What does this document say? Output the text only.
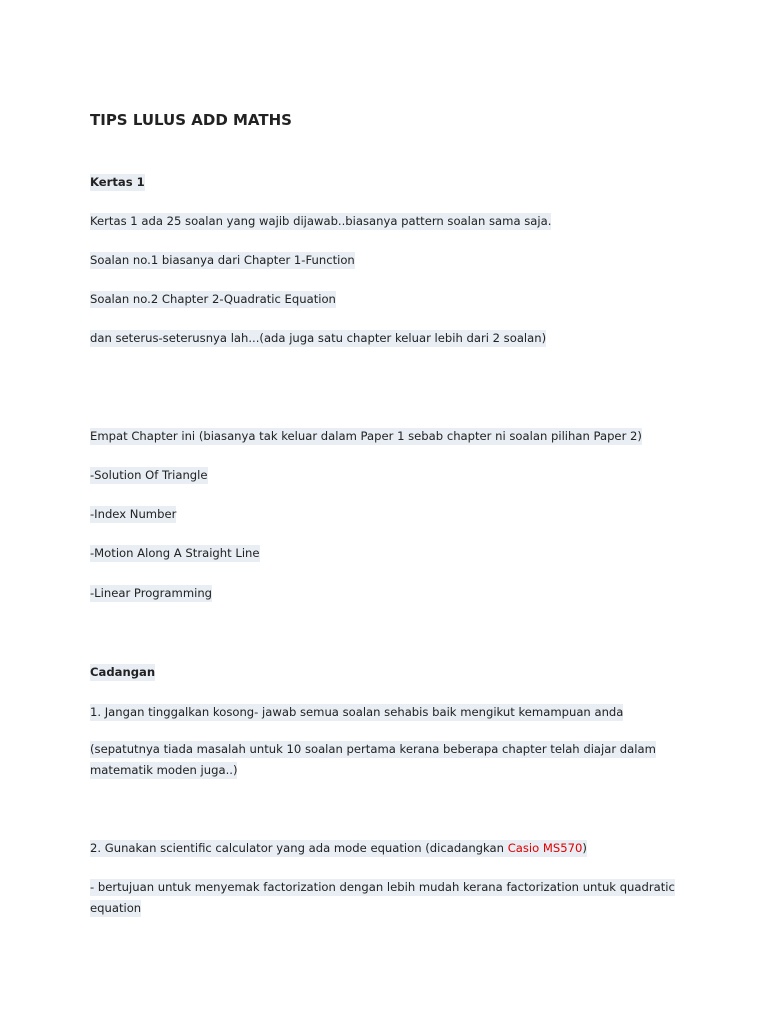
TIPS LULUS ADD MATHS

Kertas 1

Kertas 1 ada 25 soalan yang wajib dijawab..biasanya pattern soalan sama saja.

Soalan no.1 biasanya dari Chapter 1-Function

Soalan no.2 Chapter 2-Quadratic Equation

dan seterus-seterusnya lah...(ada juga satu chapter keluar lebih dari 2 soalan)

Empat Chapter ini (biasanya tak keluar dalam Paper 1 sebab chapter ni soalan pilihan Paper 2)

-Solution Of Triangle

-Index Number

-Motion Along A Straight Line

-Linear Programming

Cadangan

1. Jangan tinggalkan kosong- jawab semua soalan sehabis baik mengikut kemampuan anda

(sepatutnya tiada masalah untuk 10 soalan pertama kerana beberapa chapter telah diajar dalam

matematik moden juga..)

2. Gunakan scientific calculator yang ada mode equation (dicadangkan Casio MS570)

- bertujuan untuk menyemak factorization dengan lebih mudah kerana factorization untuk quadratic

equation
